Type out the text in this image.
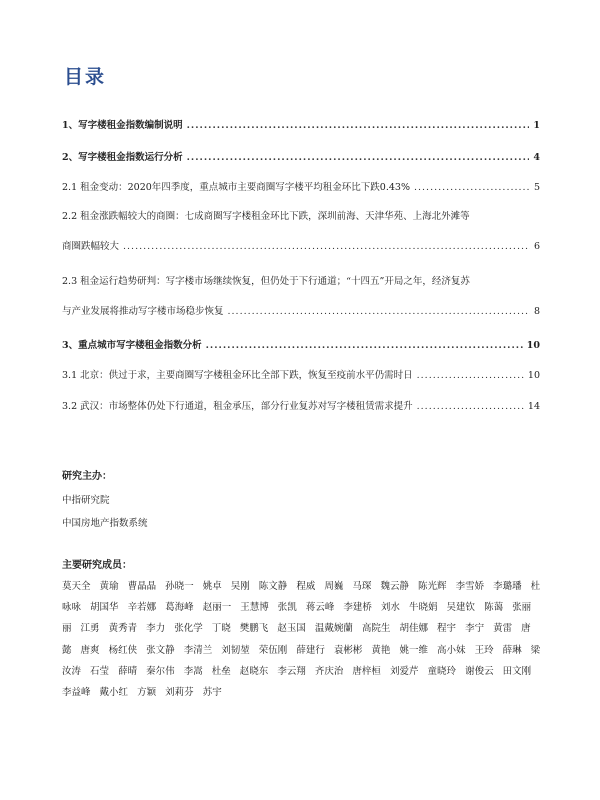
目录
1、写字楼租金指数编制说明 .....	1
2、写字楼租金指数运行分析 .....	4
2.1 租金变动：2020年四季度，重点城市主要商圈写字楼平均租金环比下跌0.43% .....	5
2.2 租金涨跌幅较大的商圈：七成商圈写字楼租金环比下跌，深圳前海、天津华苑、上海北外滩等
商圈跌幅较大 .....	6
2.3 租金运行趋势研判：写字楼市场继续恢复，但仍处于下行通道；“十四五”开局之年，经济复苏
与产业发展将推动写字楼市场稳步恢复 .....	8
3、重点城市写字楼租金指数分析 .....	10
3.1 北京：供过于求，主要商圈写字楼租金环比全部下跌，恢复至疫前水平仍需时日 .....	10
3.2 武汉：市场整体仍处下行通道，租金承压，部分行业复苏对写字楼租赁需求提升 .....	14
研究主办：
中指研究院
中国房地产指数系统
主要研究成员：
莫天全 黄瑜 曹晶晶 孙晓一 姚卓 吴刚 陈文静 程威 周巍 马琛 魏云静 陈光辉 李雪娇 李璐璠 杜咏咏 胡国华 辛若娜 葛海峰 赵丽一 王慧博 张凯 蒋云峰 李建桥 刘水 牛晓娟 吴建钦 陈蔼 张丽丽 江勇 黄秀青 李力 张化学 丁晓 樊鹏飞 赵玉国 温戴婉蘭 高院生 胡佳娜 程宇 李宁 黄雷 唐懿 唐爽 杨红侠 张文静 李清兰 刘韧堃 荣伍刚 薛建行 袁彬彬 黄艳 姚一维 高小妹 王玲 薛琳 梁汝涛 石莹 薛晴 秦尔伟 李嵩 杜垒 赵晓东 李云翔 齐庆治 唐梓桓 刘爱芹 童晓玲 谢俊云 田文刚 李益峰 戴小红 方颖 刘莉芬 苏宇
